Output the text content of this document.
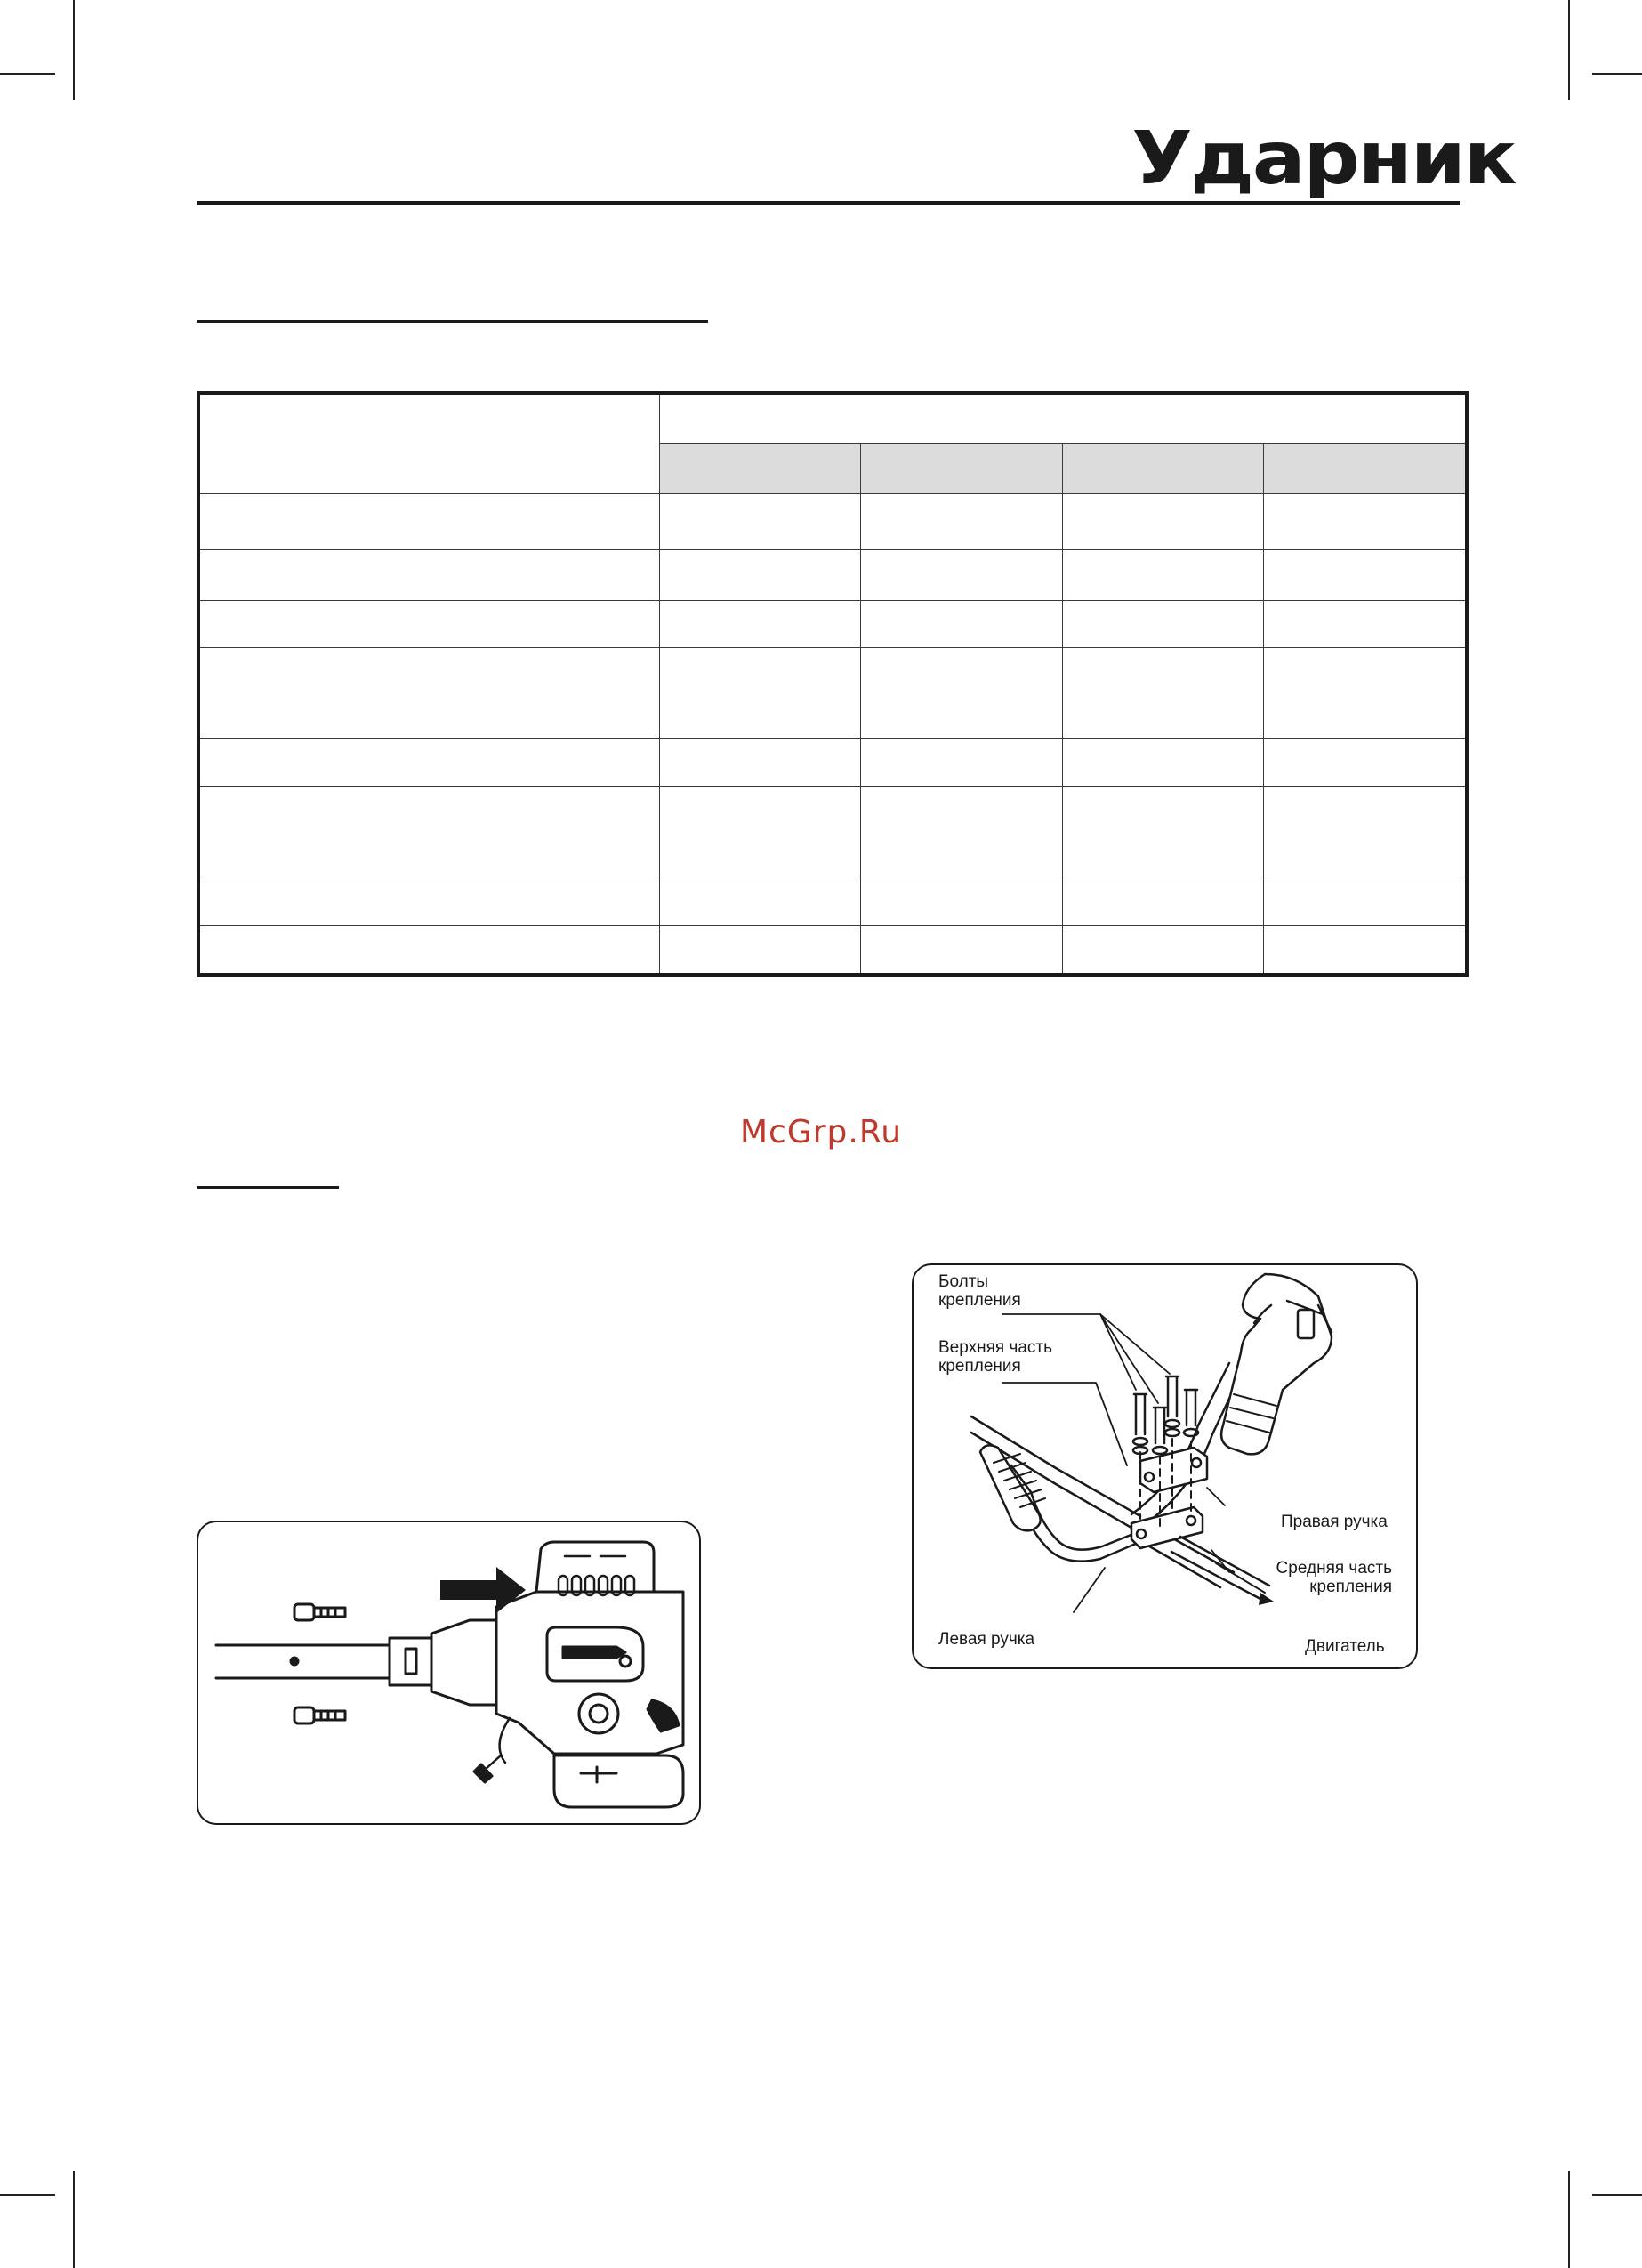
Ударник

McGrp.Ru
Болты
крепления
Верхняя часть
крепления
Правая ручка
Средняя часть
крепления
Левая ручка	Двигатель
